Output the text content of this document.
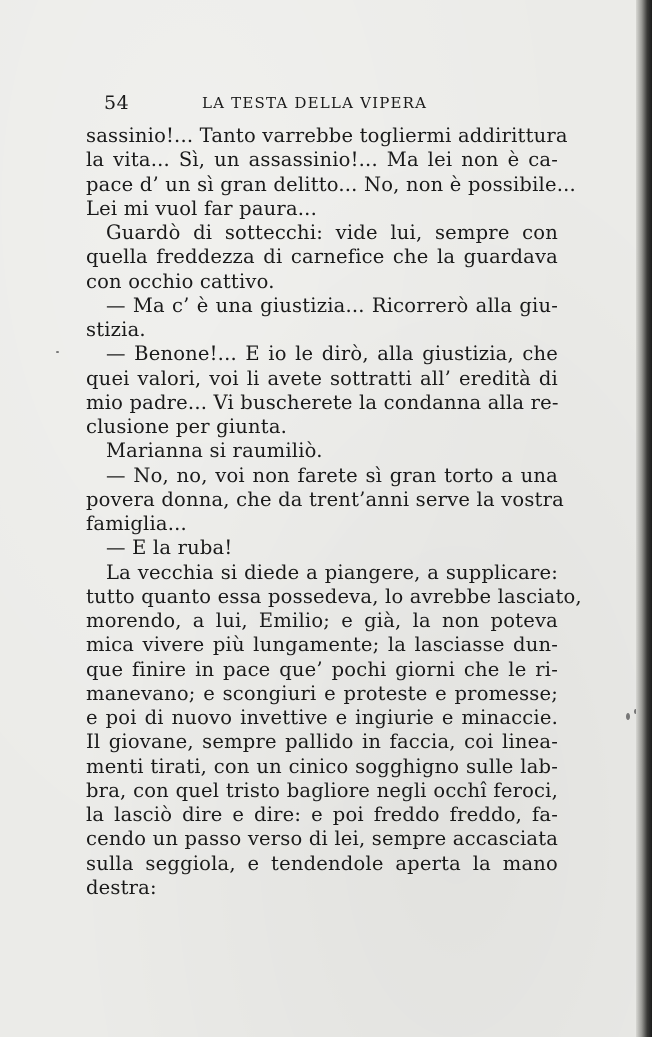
54	LA TESTA DELLA VIPERA
sassinio!... Tanto varrebbe togliermi addirittura
la vita... Sì, un assassinio!... Ma lei non è ca-
pace d’ un sì gran delitto... No, non è possibile...
Lei mi vuol far paura...
Guardò di sottecchi: vide lui, sempre con
quella freddezza di carnefice che la guardava
con occhio cattivo.
— Ma c’ è una giustizia... Ricorrerò alla giu-
stizia.
— Benone!... E io le dirò, alla giustizia, che
quei valori, voi li avete sottratti all’ eredità di
mio padre... Vi buscherete la condanna alla re-
clusione per giunta.
Marianna si raumiliò.
— No, no, voi non farete sì gran torto a una
povera donna, che da trent’anni serve la vostra
famiglia...
— E la ruba!
La vecchia si diede a piangere, a supplicare:
tutto quanto essa possedeva, lo avrebbe lasciato,
morendo, a lui, Emilio; e già, la non poteva
mica vivere più lungamente; la lasciasse dun-
que finire in pace que’ pochi giorni che le ri-
manevano; e scongiuri e proteste e promesse;
e poi di nuovo invettive e ingiurie e minaccie.
Il giovane, sempre pallido in faccia, coi linea-
menti tirati, con un cinico sogghigno sulle lab-
bra, con quel tristo bagliore negli occhî feroci,
la lasciò dire e dire: e poi freddo freddo, fa-
cendo un passo verso di lei, sempre accasciata
sulla seggiola, e tendendole aperta la mano
destra:
